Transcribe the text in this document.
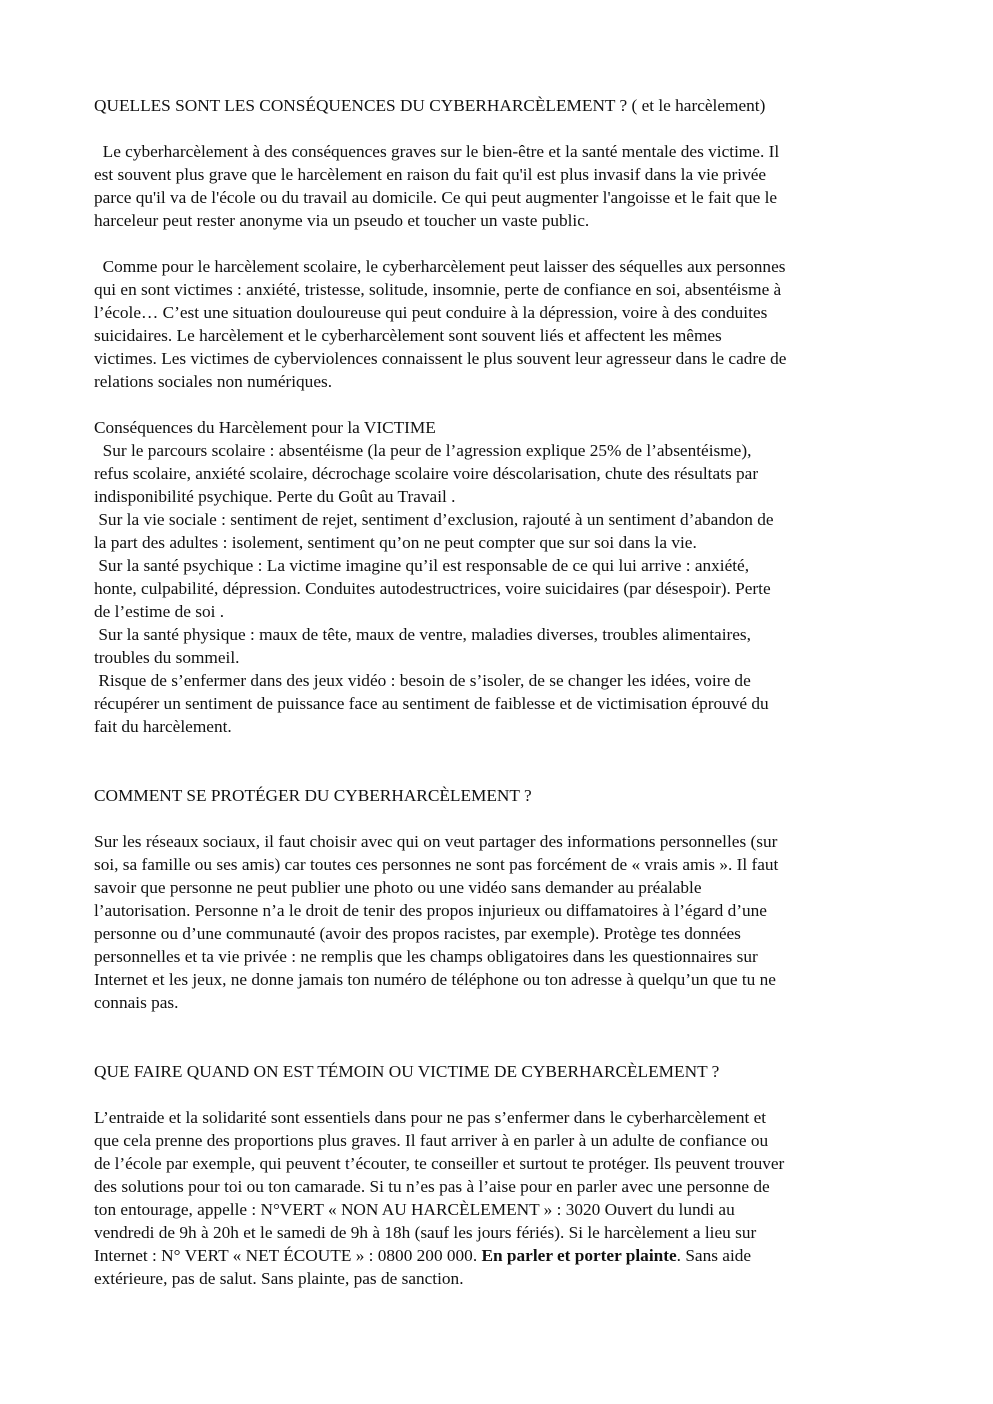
QUELLES SONT LES CONSÉQUENCES DU CYBERHARCÈLEMENT ? ( et le harcèlement)
Le cyberharcèlement à des conséquences graves sur le bien-être et la santé mentale des victime. Il
est souvent plus grave que le harcèlement en raison du fait qu'il est plus invasif dans la vie privée
parce qu'il va de l'école ou du travail au domicile. Ce qui peut augmenter l'angoisse et le fait que le
harceleur peut rester anonyme via un pseudo et toucher un vaste public.
Comme pour le harcèlement scolaire, le cyberharcèlement peut laisser des séquelles aux personnes
qui en sont victimes : anxiété, tristesse, solitude, insomnie, perte de confiance en soi, absentéisme à
l’école… C’est une situation douloureuse qui peut conduire à la dépression, voire à des conduites
suicidaires. Le harcèlement et le cyberharcèlement sont souvent liés et affectent les mêmes
victimes. Les victimes de cyberviolences connaissent le plus souvent leur agresseur dans le cadre de
relations sociales non numériques.
Conséquences du Harcèlement pour la VICTIME
Sur le parcours scolaire : absentéisme (la peur de l’agression explique 25% de l’absentéisme),
refus scolaire, anxiété scolaire, décrochage scolaire voire déscolarisation, chute des résultats par
indisponibilité psychique. Perte du Goût au Travail .
Sur la vie sociale : sentiment de rejet, sentiment d’exclusion, rajouté à un sentiment d’abandon de
la part des adultes : isolement, sentiment qu’on ne peut compter que sur soi dans la vie.
Sur la santé psychique : La victime imagine qu’il est responsable de ce qui lui arrive : anxiété,
honte, culpabilité, dépression. Conduites autodestructrices, voire suicidaires (par désespoir). Perte
de l’estime de soi .
Sur la santé physique : maux de tête, maux de ventre, maladies diverses, troubles alimentaires,
troubles du sommeil.
Risque de s’enfermer dans des jeux vidéo : besoin de s’isoler, de se changer les idées, voire de
récupérer un sentiment de puissance face au sentiment de faiblesse et de victimisation éprouvé du
fait du harcèlement.
COMMENT SE PROTÉGER DU CYBERHARCÈLEMENT ?
Sur les réseaux sociaux, il faut choisir avec qui on veut partager des informations personnelles (sur
soi, sa famille ou ses amis) car toutes ces personnes ne sont pas forcément de « vrais amis ». Il faut
savoir que personne ne peut publier une photo ou une vidéo sans demander au préalable
l’autorisation. Personne n’a le droit de tenir des propos injurieux ou diffamatoires à l’égard d’une
personne ou d’une communauté (avoir des propos racistes, par exemple). Protège tes données
personnelles et ta vie privée : ne remplis que les champs obligatoires dans les questionnaires sur
Internet et les jeux, ne donne jamais ton numéro de téléphone ou ton adresse à quelqu’un que tu ne
connais pas.
QUE FAIRE QUAND ON EST TÉMOIN OU VICTIME DE CYBERHARCÈLEMENT ?
L’entraide et la solidarité sont essentiels dans pour ne pas s’enfermer dans le cyberharcèlement et
que cela prenne des proportions plus graves. Il faut arriver à en parler à un adulte de confiance ou
de l’école par exemple, qui peuvent t’écouter, te conseiller et surtout te protéger. Ils peuvent trouver
des solutions pour toi ou ton camarade. Si tu n’es pas à l’aise pour en parler avec une personne de
ton entourage, appelle : N°VERT « NON AU HARCÈLEMENT » : 3020 Ouvert du lundi au
vendredi de 9h à 20h et le samedi de 9h à 18h (sauf les jours fériés). Si le harcèlement a lieu sur
Internet : N° VERT « NET ÉCOUTE » : 0800 200 000. En parler et porter plainte. Sans aide
extérieure, pas de salut. Sans plainte, pas de sanction.
